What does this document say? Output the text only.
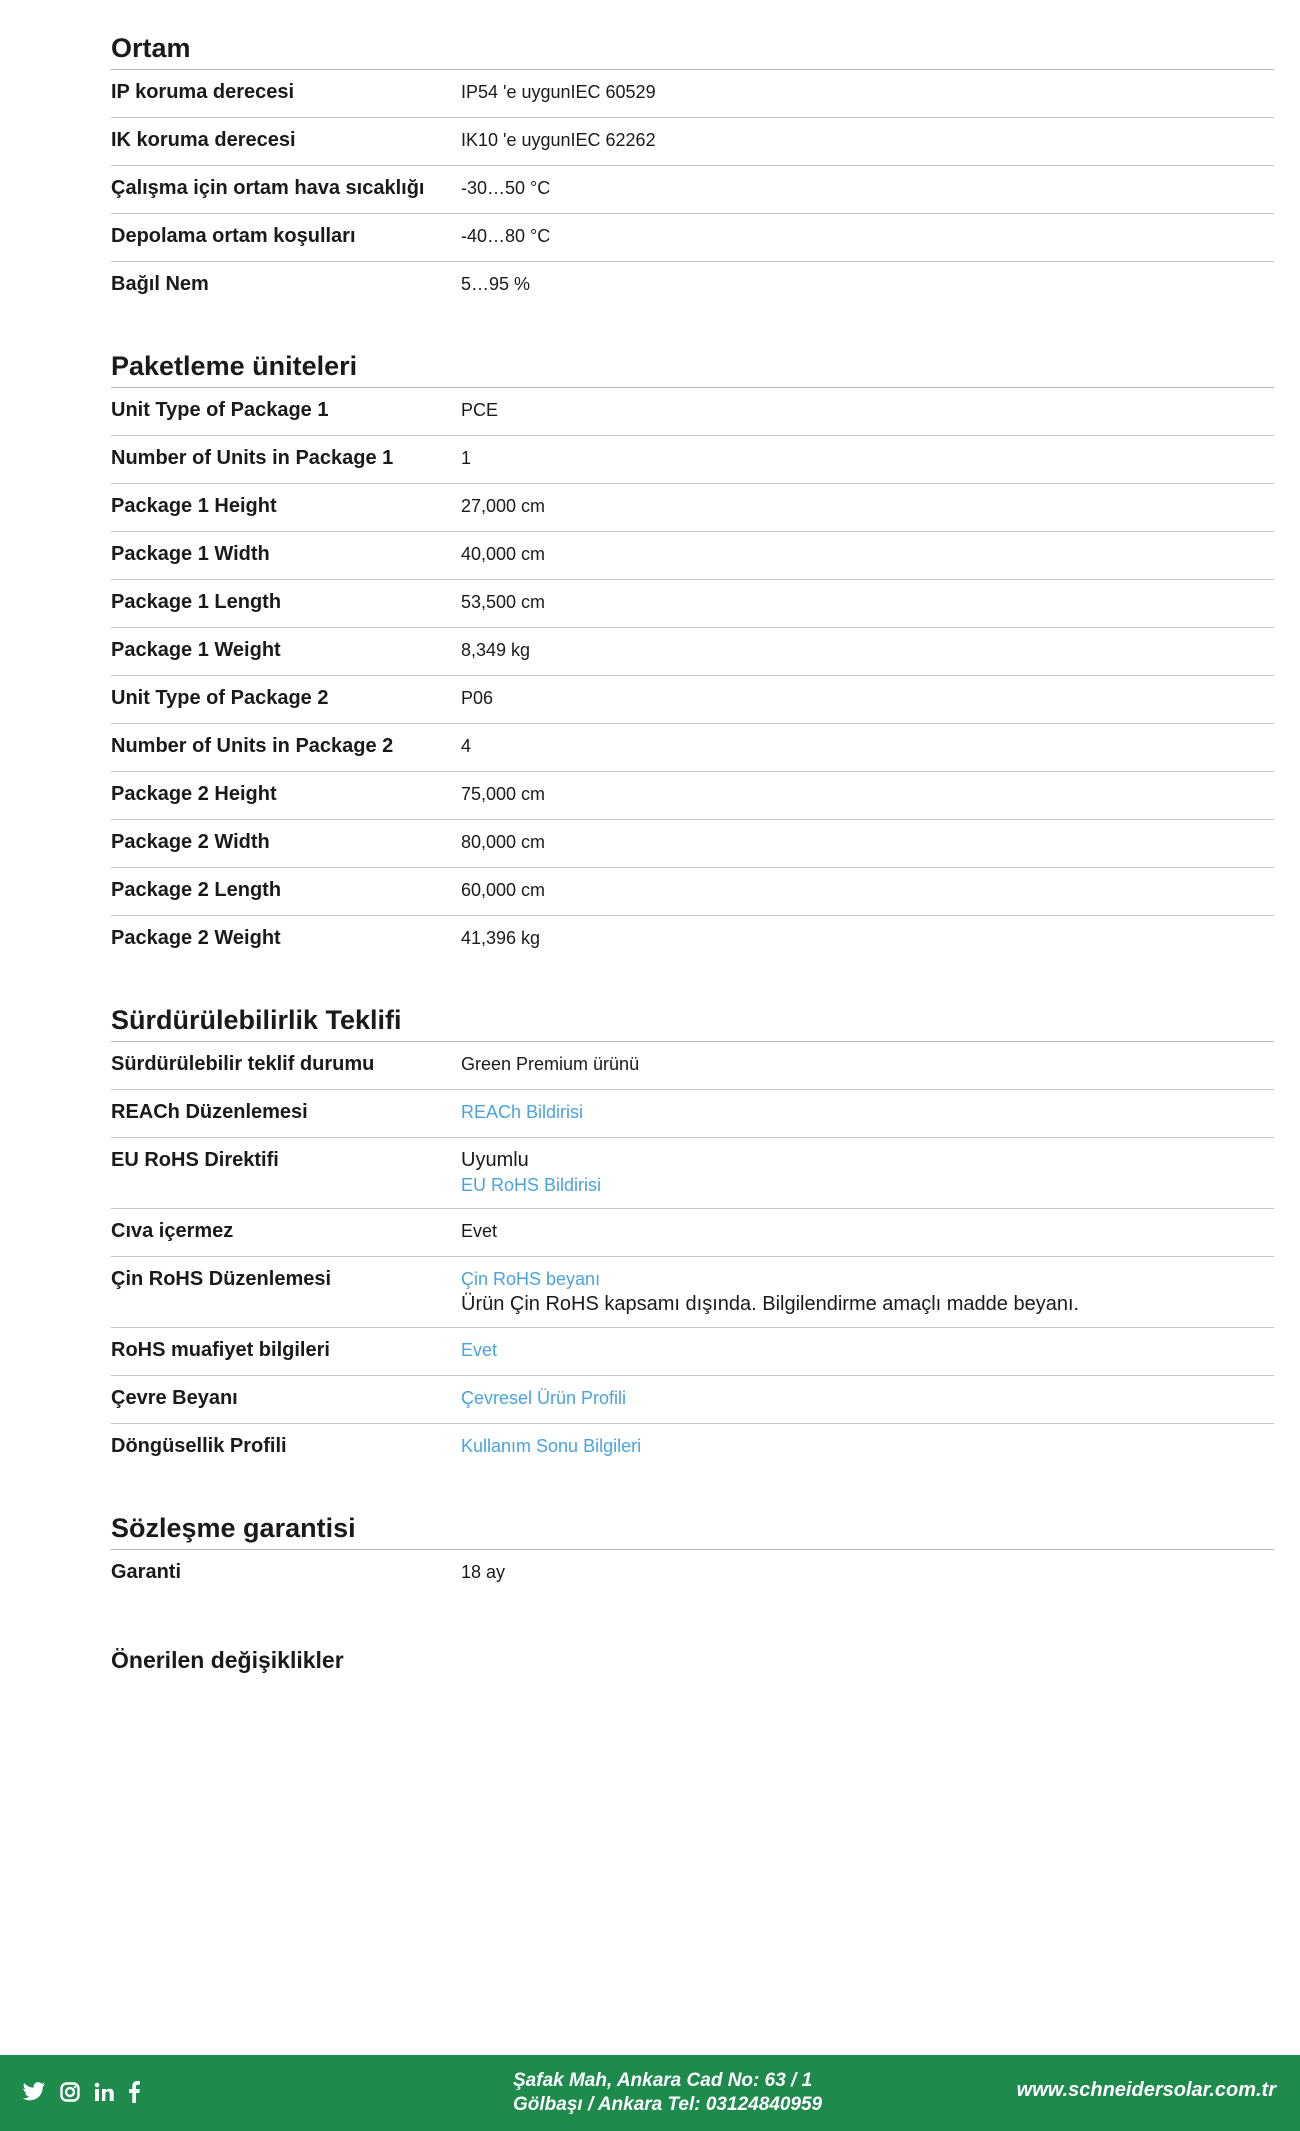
Ortam
IP koruma derecesi	IP54 'e uygunIEC 60529
IK koruma derecesi	IK10 'e uygunIEC 62262
Çalışma için ortam hava sıcaklığı	-30…50 °C
Depolama ortam koşulları	-40…80 °C
Bağıl Nem	5…95 %
Paketleme üniteleri
Unit Type of Package 1	PCE
Number of Units in Package 1	1
Package 1 Height	27,000 cm
Package 1 Width	40,000 cm
Package 1 Length	53,500 cm
Package 1 Weight	8,349 kg
Unit Type of Package 2	P06
Number of Units in Package 2	4
Package 2 Height	75,000 cm
Package 2 Width	80,000 cm
Package 2 Length	60,000 cm
Package 2 Weight	41,396 kg
Sürdürülebilirlik Teklifi
Sürdürülebilir teklif durumu	Green Premium ürünü
REACh Düzenlemesi	REACh Bildirisi
EU RoHS Direktifi	Uyumlu
EU RoHS Bildirisi
Cıva içermez	Evet
Çin RoHS Düzenlemesi	Çin RoHS beyanı
Ürün Çin RoHS kapsamı dışında. Bilgilendirme amaçlı madde beyanı.
RoHS muafiyet bilgileri	Evet
Çevre Beyanı	Çevresel Ürün Profili
Döngüsellik Profili	Kullanım Sonu Bilgileri
Sözleşme garantisi
Garanti	18 ay
Önerilen değişiklikler
Şafak Mah, Ankara Cad No: 63 / 1
Gölbaşı / Ankara Tel: 03124840959
www.schneidersolar.com.tr
